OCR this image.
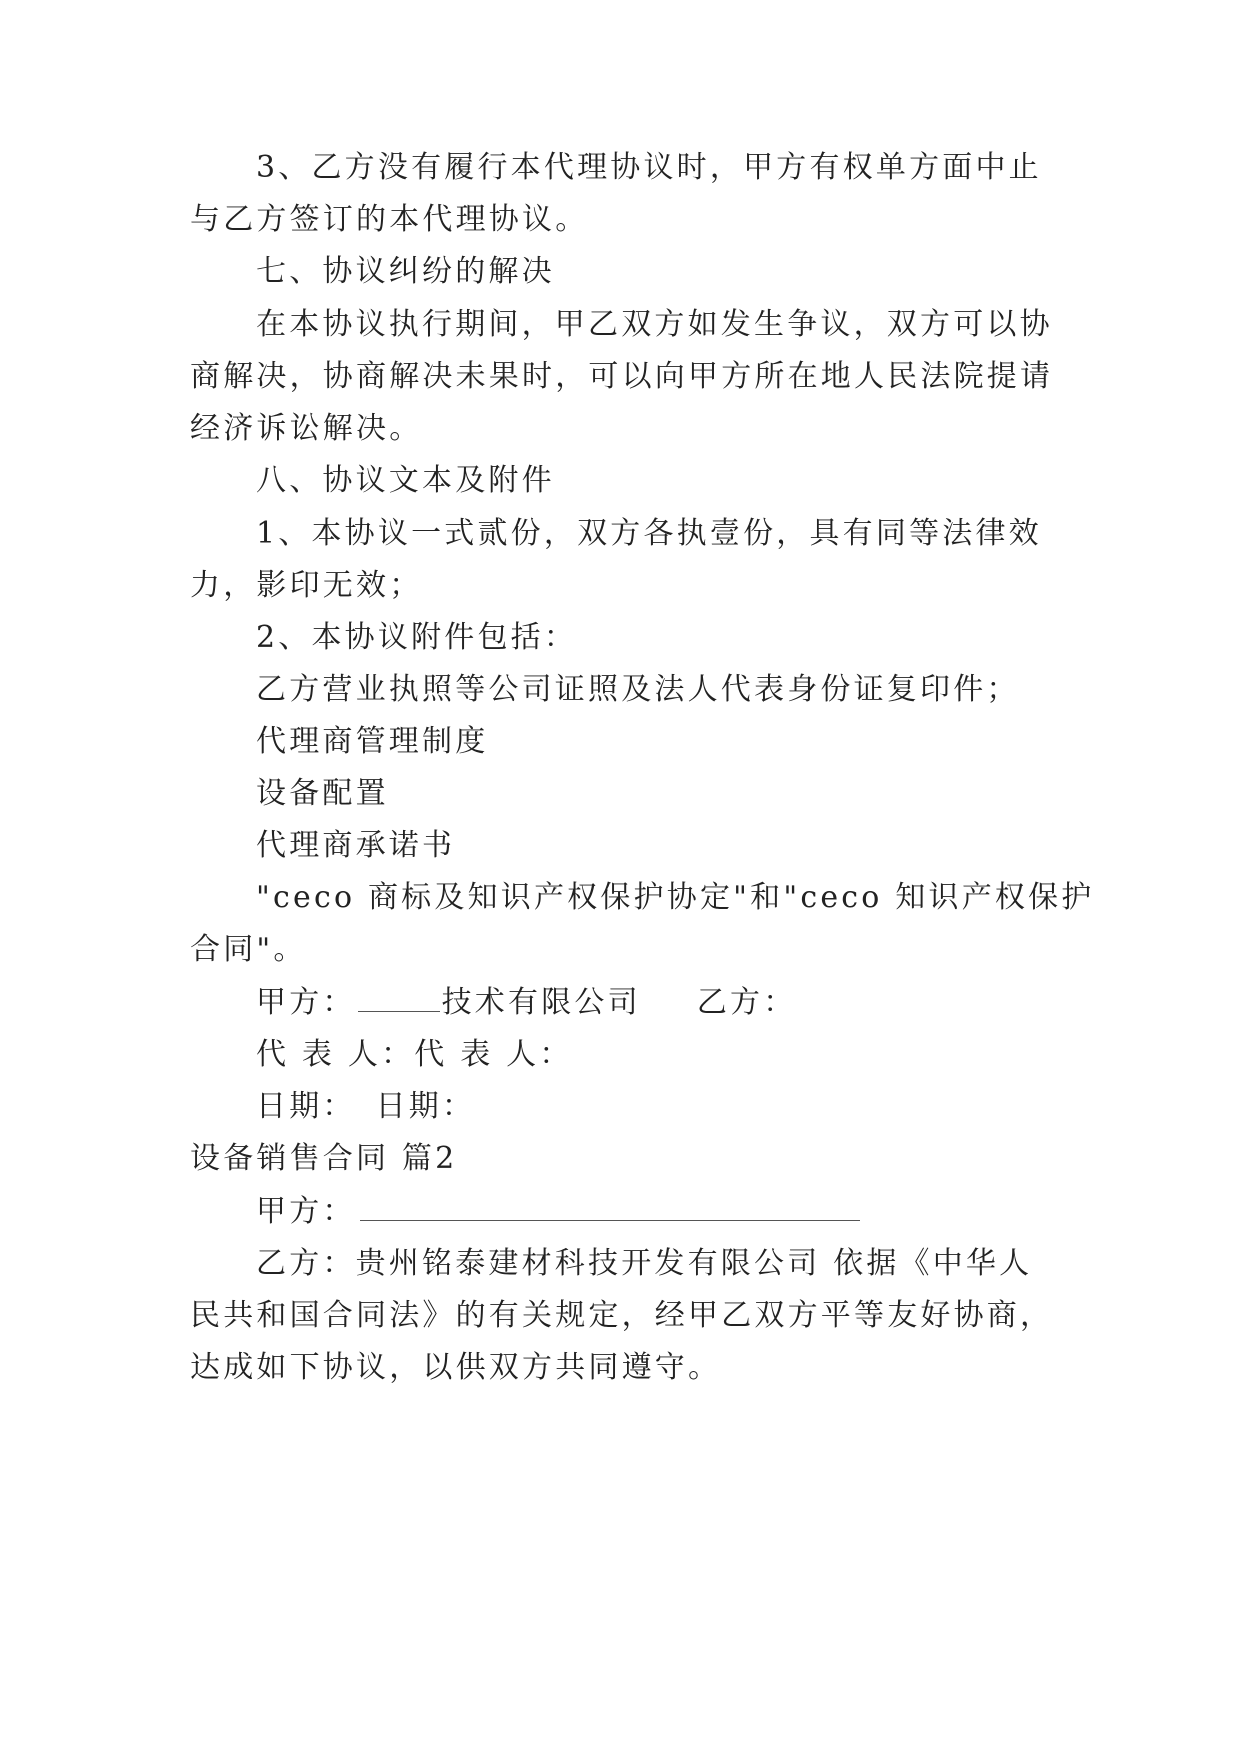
3、乙方没有履行本代理协议时，甲方有权单方面中止
与乙方签订的本代理协议。
七、协议纠纷的解决
在本协议执行期间，甲乙双方如发生争议，双方可以协
商解决，协商解决未果时，可以向甲方所在地人民法院提请
经济诉讼解决。
八、协议文本及附件
1、本协议一式贰份，双方各执壹份，具有同等法律效
力，影印无效；
2、本协议附件包括：
乙方营业执照等公司证照及法人代表身份证复印件；
代理商管理制度
设备配置
代理商承诺书
"ceco 商标及知识产权保护协定"和"ceco 知识产权保护
合同"。
甲方：	技术有限公司 乙方：
代 表 人：代 表 人：
日期： 日期：
设备销售合同 篇2
甲方：
乙方：贵州铭泰建材科技开发有限公司 依据《中华人
民共和国合同法》的有关规定，经甲乙双方平等友好协商，
达成如下协议，以供双方共同遵守。
